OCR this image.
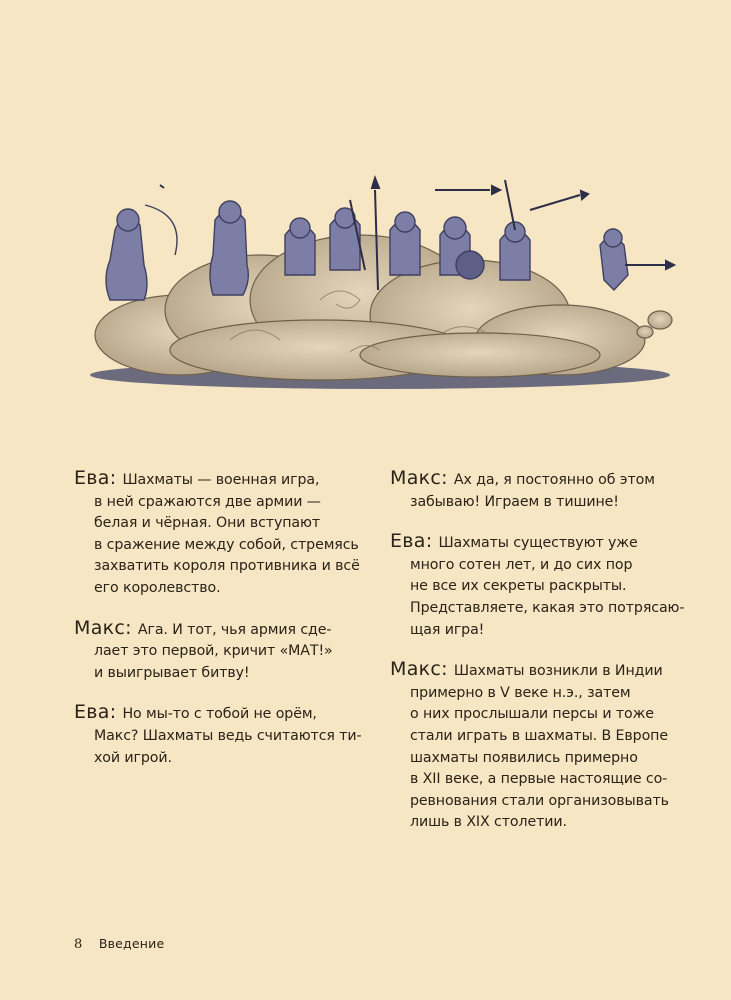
Ева: Шахматы — военная игра,
в ней сражаются две армии —
белая и чёрная. Они вступают
в сражение между собой, стремясь
захватить короля противника и всё
его королевство.
Макс: Ага. И тот, чья армия сде-
лает это первой, кричит «МАТ!»
и выигрывает битву!
Ева: Но мы-то с тобой не орём,
Макс? Шахматы ведь считаются ти-
хой игрой.
Макс: Ах да, я постоянно об этом
забываю! Играем в тишине!
Ева: Шахматы существуют уже
много сотен лет, и до сих пор
не все их секреты раскрыты.
Представляете, какая это потрясаю-
щая игра!
Макс: Шахматы возникли в Индии
примерно в V веке н.э., затем
о них прослышали персы и тоже
стали играть в шахматы. В Европе
шахматы появились примерно
в XII веке, а первые настоящие со-
ревнования стали организовывать
лишь в XIX столетии.
8 Введение
